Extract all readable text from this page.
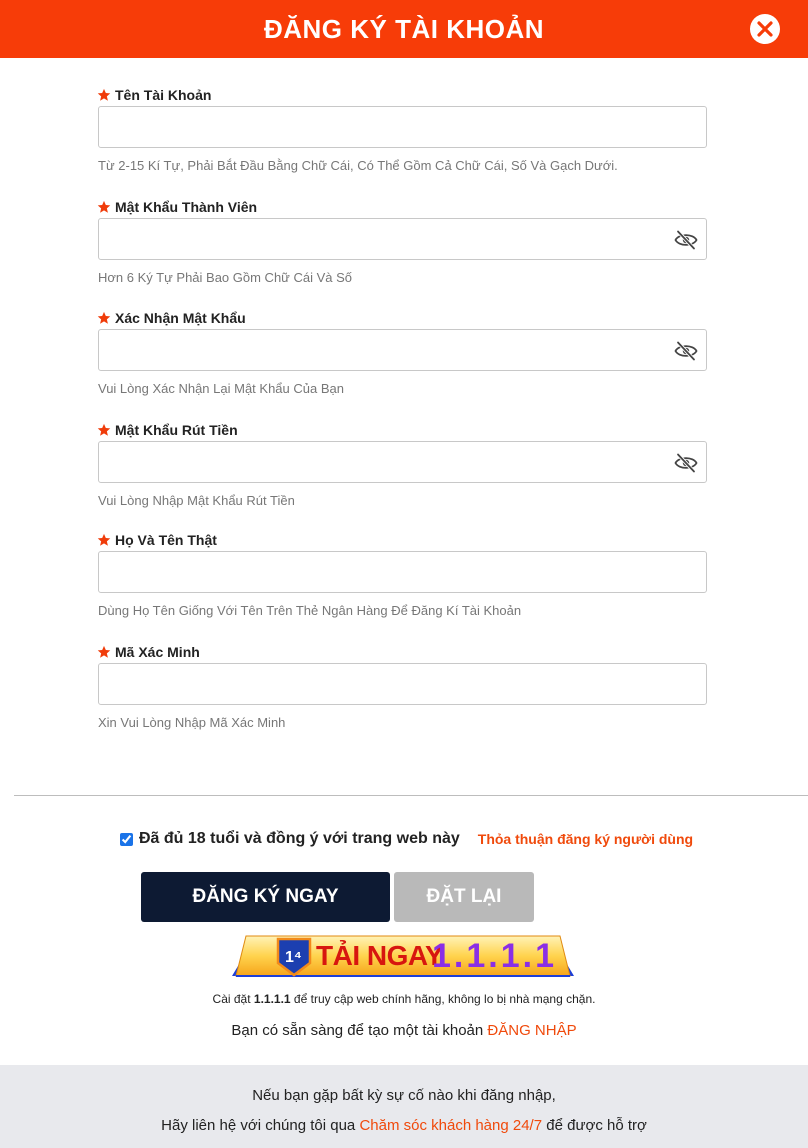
ĐĂNG KÝ TÀI KHOẢN
Tên Tài Khoản
Từ 2-15 Kí Tự, Phải Bắt Đầu Bằng Chữ Cái, Có Thể Gồm Cả Chữ Cái, Số Và Gạch Dưới.
Mật Khẩu Thành Viên
Hơn 6 Ký Tự Phải Bao Gồm Chữ Cái Và Số
Xác Nhận Mật Khẩu
Vui Lòng Xác Nhận Lại Mật Khẩu Của Bạn
Mật Khẩu Rút Tiền
Vui Lòng Nhập Mật Khẩu Rút Tiền
Họ Và Tên Thật
Dùng Họ Tên Giống Với Tên Trên Thẻ Ngân Hàng Để Đăng Kí Tài Khoản
Mã Xác Minh
Xin Vui Lòng Nhập Mã Xác Minh
Đã đủ 18 tuổi và đồng ý với trang web này Thỏa thuận đăng ký người dùng
ĐĂNG KÝ NGAY	ĐẶT LẠI
1⁴ TẢI NGAY
1.1.1.1
Cài đặt 1.1.1.1 để truy cập web chính hãng, không lo bị nhà mạng chặn.
Bạn có sẵn sàng để tạo một tài khoản ĐĂNG NHẬP
Nếu bạn gặp bất kỳ sự cố nào khi đăng nhập,
Hãy liên hệ với chúng tôi qua Chăm sóc khách hàng 24/7 để được hỗ trợ
